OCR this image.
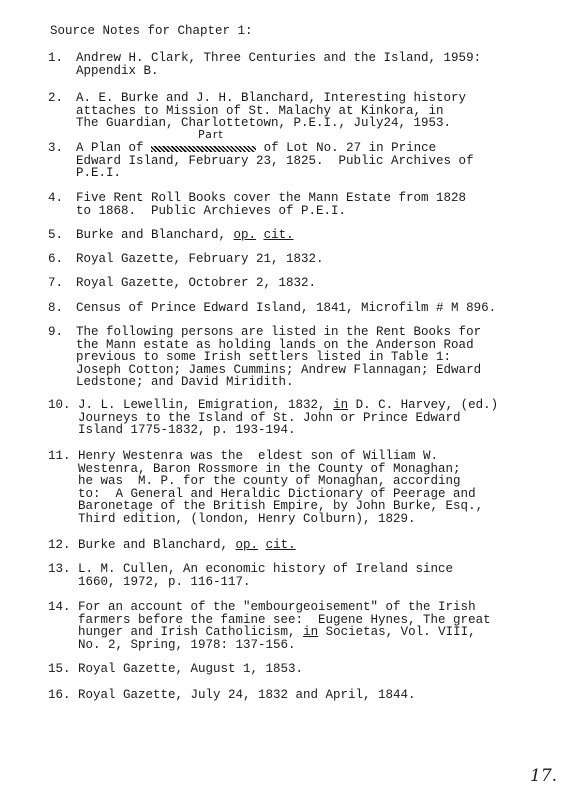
Source Notes for Chapter 1:
1. Andrew H. Clark, Three Centuries and the Island, 1959:
Appendix B.
2. A. E. Burke and J. H. Blanchard, Interesting history
attaches to Mission of St. Malachy at Kinkora, in
The Guardian, Charlottetown, P.E.I., July24, 1953.
3.
Part
A Plan of	of Lot No. 27 in Prince
Edward Island, February 23, 1825.  Public Archives of
P.E.I.
4. Five Rent Roll Books cover the Mann Estate from 1828
to 1868.  Public Archieves of P.E.I.
5. Burke and Blanchard, op. cit.
6. Royal Gazette, February 21, 1832.
7. Royal Gazette, Octobrer 2, 1832.
8. Census of Prince Edward Island, 1841, Microfilm # M 896.
9. The following persons are listed in the Rent Books for
the Mann estate as holding lands on the Anderson Road
previous to some Irish settlers listed in Table 1:
Joseph Cotton; James Cummins; Andrew Flannagan; Edward
Ledstone; and David Miridith.
10. J. L. Lewellin, Emigration, 1832, in D. C. Harvey, (ed.)
Journeys to the Island of St. John or Prince Edward
Island 1775-1832, p. 193-194.
11. Henry Westenra was the  eldest son of William W.
Westenra, Baron Rossmore in the County of Monaghan;
he was  M. P. for the county of Monaghan, according
to:  A General and Heraldic Dictionary of Peerage and
Baronetage of the British Empire, by John Burke, Esq.,
Third edition, (london, Henry Colburn), 1829.
12. Burke and Blanchard, op. cit.
13. L. M. Cullen, An economic history of Ireland since
1660, 1972, p. 116-117.
14. For an account of the "embourgeoisement" of the Irish
farmers before the famine see:  Eugene Hynes, The great
hunger and Irish Catholicism, in Societas, Vol. VIII,
No. 2, Spring, 1978: 137-156.
15. Royal Gazette, August 1, 1853.
16. Royal Gazette, July 24, 1832 and April, 1844.
17.
